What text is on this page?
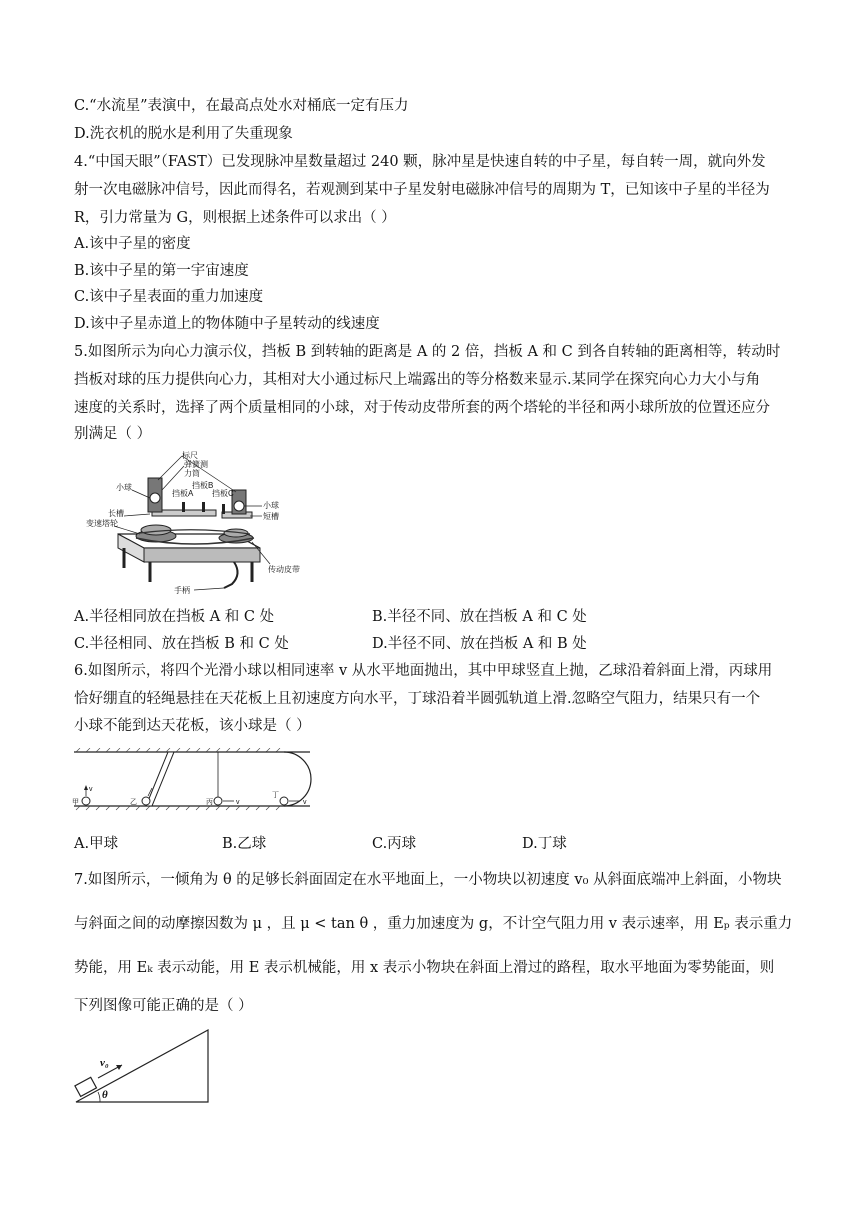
C.“水流星”表演中，在最高点处水对桶底一定有压力
D.洗衣机的脱水是利用了失重现象
4.“中国天眼”（FAST）已发现脉冲星数量超过 240 颗，脉冲星是快速自转的中子星，每自转一周，就向外发
射一次电磁脉冲信号，因此而得名，若观测到某中子星发射电磁脉冲信号的周期为 T，已知该中子星的半径为
R，引力常量为 G，则根据上述条件可以求出（ ）
A.该中子星的密度
B.该中子星的第一宇宙速度
C.该中子星表面的重力加速度
D.该中子星赤道上的物体随中子星转动的线速度
5.如图所示为向心力演示仪，挡板 B 到转轴的距离是 A 的 2 倍，挡板 A 和 C 到各自转轴的距离相等，转动时
挡板对球的压力提供向心力，其相对大小通过标尺上端露出的等分格数来显示.某同学在探究向心力大小与角
速度的关系时，选择了两个质量相同的小球，对于传动皮带所套的两个塔轮的半径和两小球所放的位置还应分
别满足（ ）
标尺
弹簧测
力筒
小球
挡板A
挡板B
挡板C
小球
短槽
长槽
变速塔轮
传动皮带
手柄
A.半径相同放在挡板 A 和 C 处	B.半径不同、放在挡板 A 和 C 处
C.半径相同、放在挡板 B 和 C 处	D.半径不同、放在挡板 A 和 B 处
6.如图所示，将四个光滑小球以相同速率 v 从水平地面抛出，其中甲球竖直上抛，乙球沿着斜面上滑，丙球用
恰好绷直的轻绳悬挂在天花板上且初速度方向水平，丁球沿着半圆弧轨道上滑.忽略空气阻力，结果只有一个
小球不能到达天花板，该小球是（ ）
v
甲	乙	v
丙	v
丁
A.甲球	B.乙球	C.丙球	D.丁球
7.如图所示，一倾角为 θ 的足够长斜面固定在水平地面上，一小物块以初速度 v₀ 从斜面底端冲上斜面，小物块
与斜面之间的动摩擦因数为 μ ，且 μ < tan θ ，重力加速度为 g，不计空气阻力用 v 表示速率，用 Eₚ 表示重力
势能，用 Eₖ 表示动能，用 E 表示机械能，用 x 表示小物块在斜面上滑过的路程，取水平地面为零势能面，则
下列图像可能正确的是（ ）
v₀
θ
